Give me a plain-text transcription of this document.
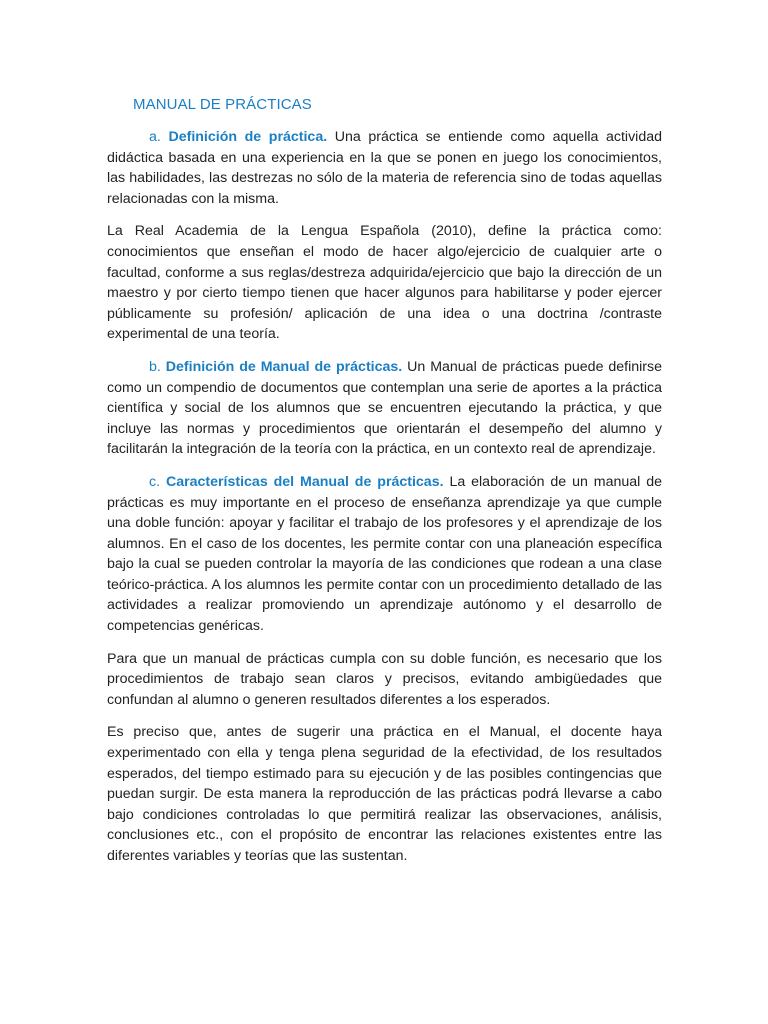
MANUAL DE PRÁCTICAS

a. Definición de práctica. Una práctica se entiende como aquella actividad didáctica basada en una experiencia en la que se ponen en juego los conocimientos, las habilidades, las destrezas no sólo de la materia de referencia sino de todas aquellas relacionadas con la misma.

La Real Academia de la Lengua Española (2010), define la práctica como: conocimientos que enseñan el modo de hacer algo/ejercicio de cualquier arte o facultad, conforme a sus reglas/destreza adquirida/ejercicio que bajo la dirección de un maestro y por cierto tiempo tienen que hacer algunos para habilitarse y poder ejercer públicamente su profesión/ aplicación de una idea o una doctrina /contraste experimental de una teoría.

b. Definición de Manual de prácticas. Un Manual de prácticas puede definirse como un compendio de documentos que contemplan una serie de aportes a la práctica científica y social de los alumnos que se encuentren ejecutando la práctica, y que incluye las normas y procedimientos que orientarán el desempeño del alumno y facilitarán la integración de la teoría con la práctica, en un contexto real de aprendizaje.

c. Características del Manual de prácticas. La elaboración de un manual de prácticas es muy importante en el proceso de enseñanza aprendizaje ya que cumple una doble función: apoyar y facilitar el trabajo de los profesores y el aprendizaje de los alumnos. En el caso de los docentes, les permite contar con una planeación específica bajo la cual se pueden controlar la mayoría de las condiciones que rodean a una clase teórico-práctica. A los alumnos les permite contar con un procedimiento detallado de las actividades a realizar promoviendo un aprendizaje autónomo y el desarrollo de competencias genéricas.

Para que un manual de prácticas cumpla con su doble función, es necesario que los procedimientos de trabajo sean claros y precisos, evitando ambigüedades que confundan al alumno o generen resultados diferentes a los esperados.

Es preciso que, antes de sugerir una práctica en el Manual, el docente haya experimentado con ella y tenga plena seguridad de la efectividad, de los resultados esperados, del tiempo estimado para su ejecución y de las posibles contingencias que puedan surgir. De esta manera la reproducción de las prácticas podrá llevarse a cabo bajo condiciones controladas lo que permitirá realizar las observaciones, análisis, conclusiones etc., con el propósito de encontrar las relaciones existentes entre las diferentes variables y teorías que las sustentan.
